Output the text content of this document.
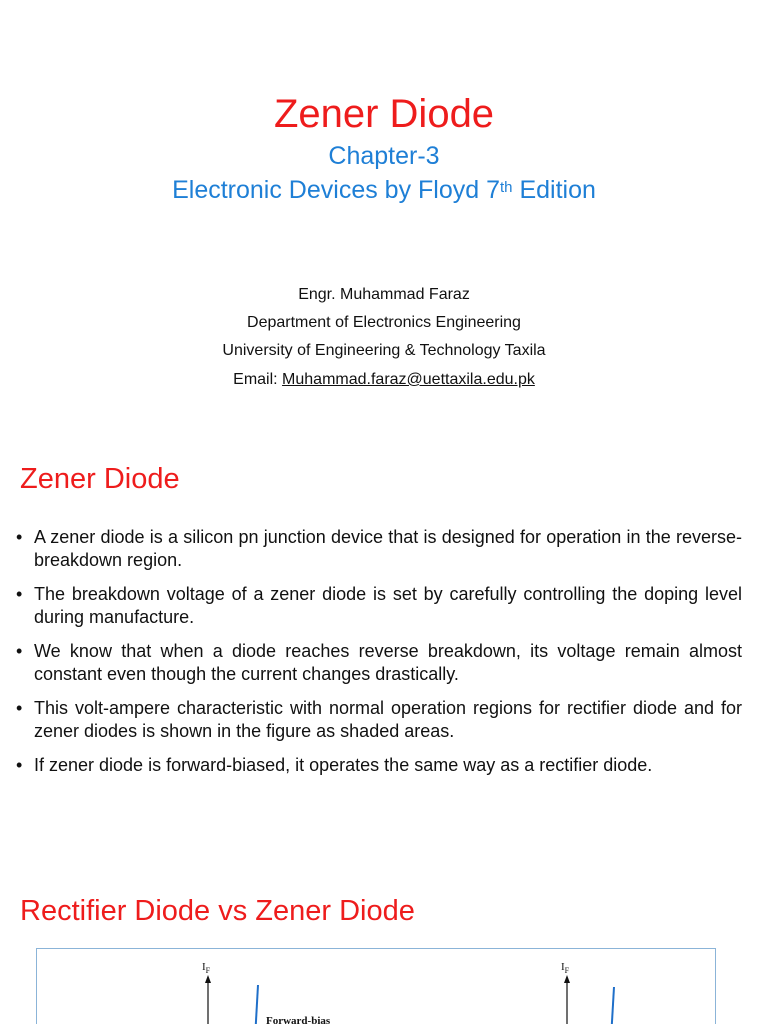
Zener Diode
Chapter-3
Electronic Devices by Floyd 7th Edition
Engr. Muhammad Faraz
Department of Electronics Engineering
University of Engineering & Technology Taxila
Email: Muhammad.faraz@uettaxila.edu.pk
Zener Diode
• A zener diode is a silicon pn junction device that is designed for operation in the reverse-breakdown region.
• The breakdown voltage of a zener diode is set by carefully controlling the doping level during manufacture.
• We know that when a diode reaches reverse breakdown, its voltage remain almost constant even though the current changes drastically.
• This volt-ampere characteristic with normal operation regions for rectifier diode and for zener diodes is shown in the figure as shaded areas.
• If zener diode is forward-biased, it operates the same way as a rectifier diode.
Rectifier Diode vs Zener Diode
$I_F$	$I_F$
Forward-bias
